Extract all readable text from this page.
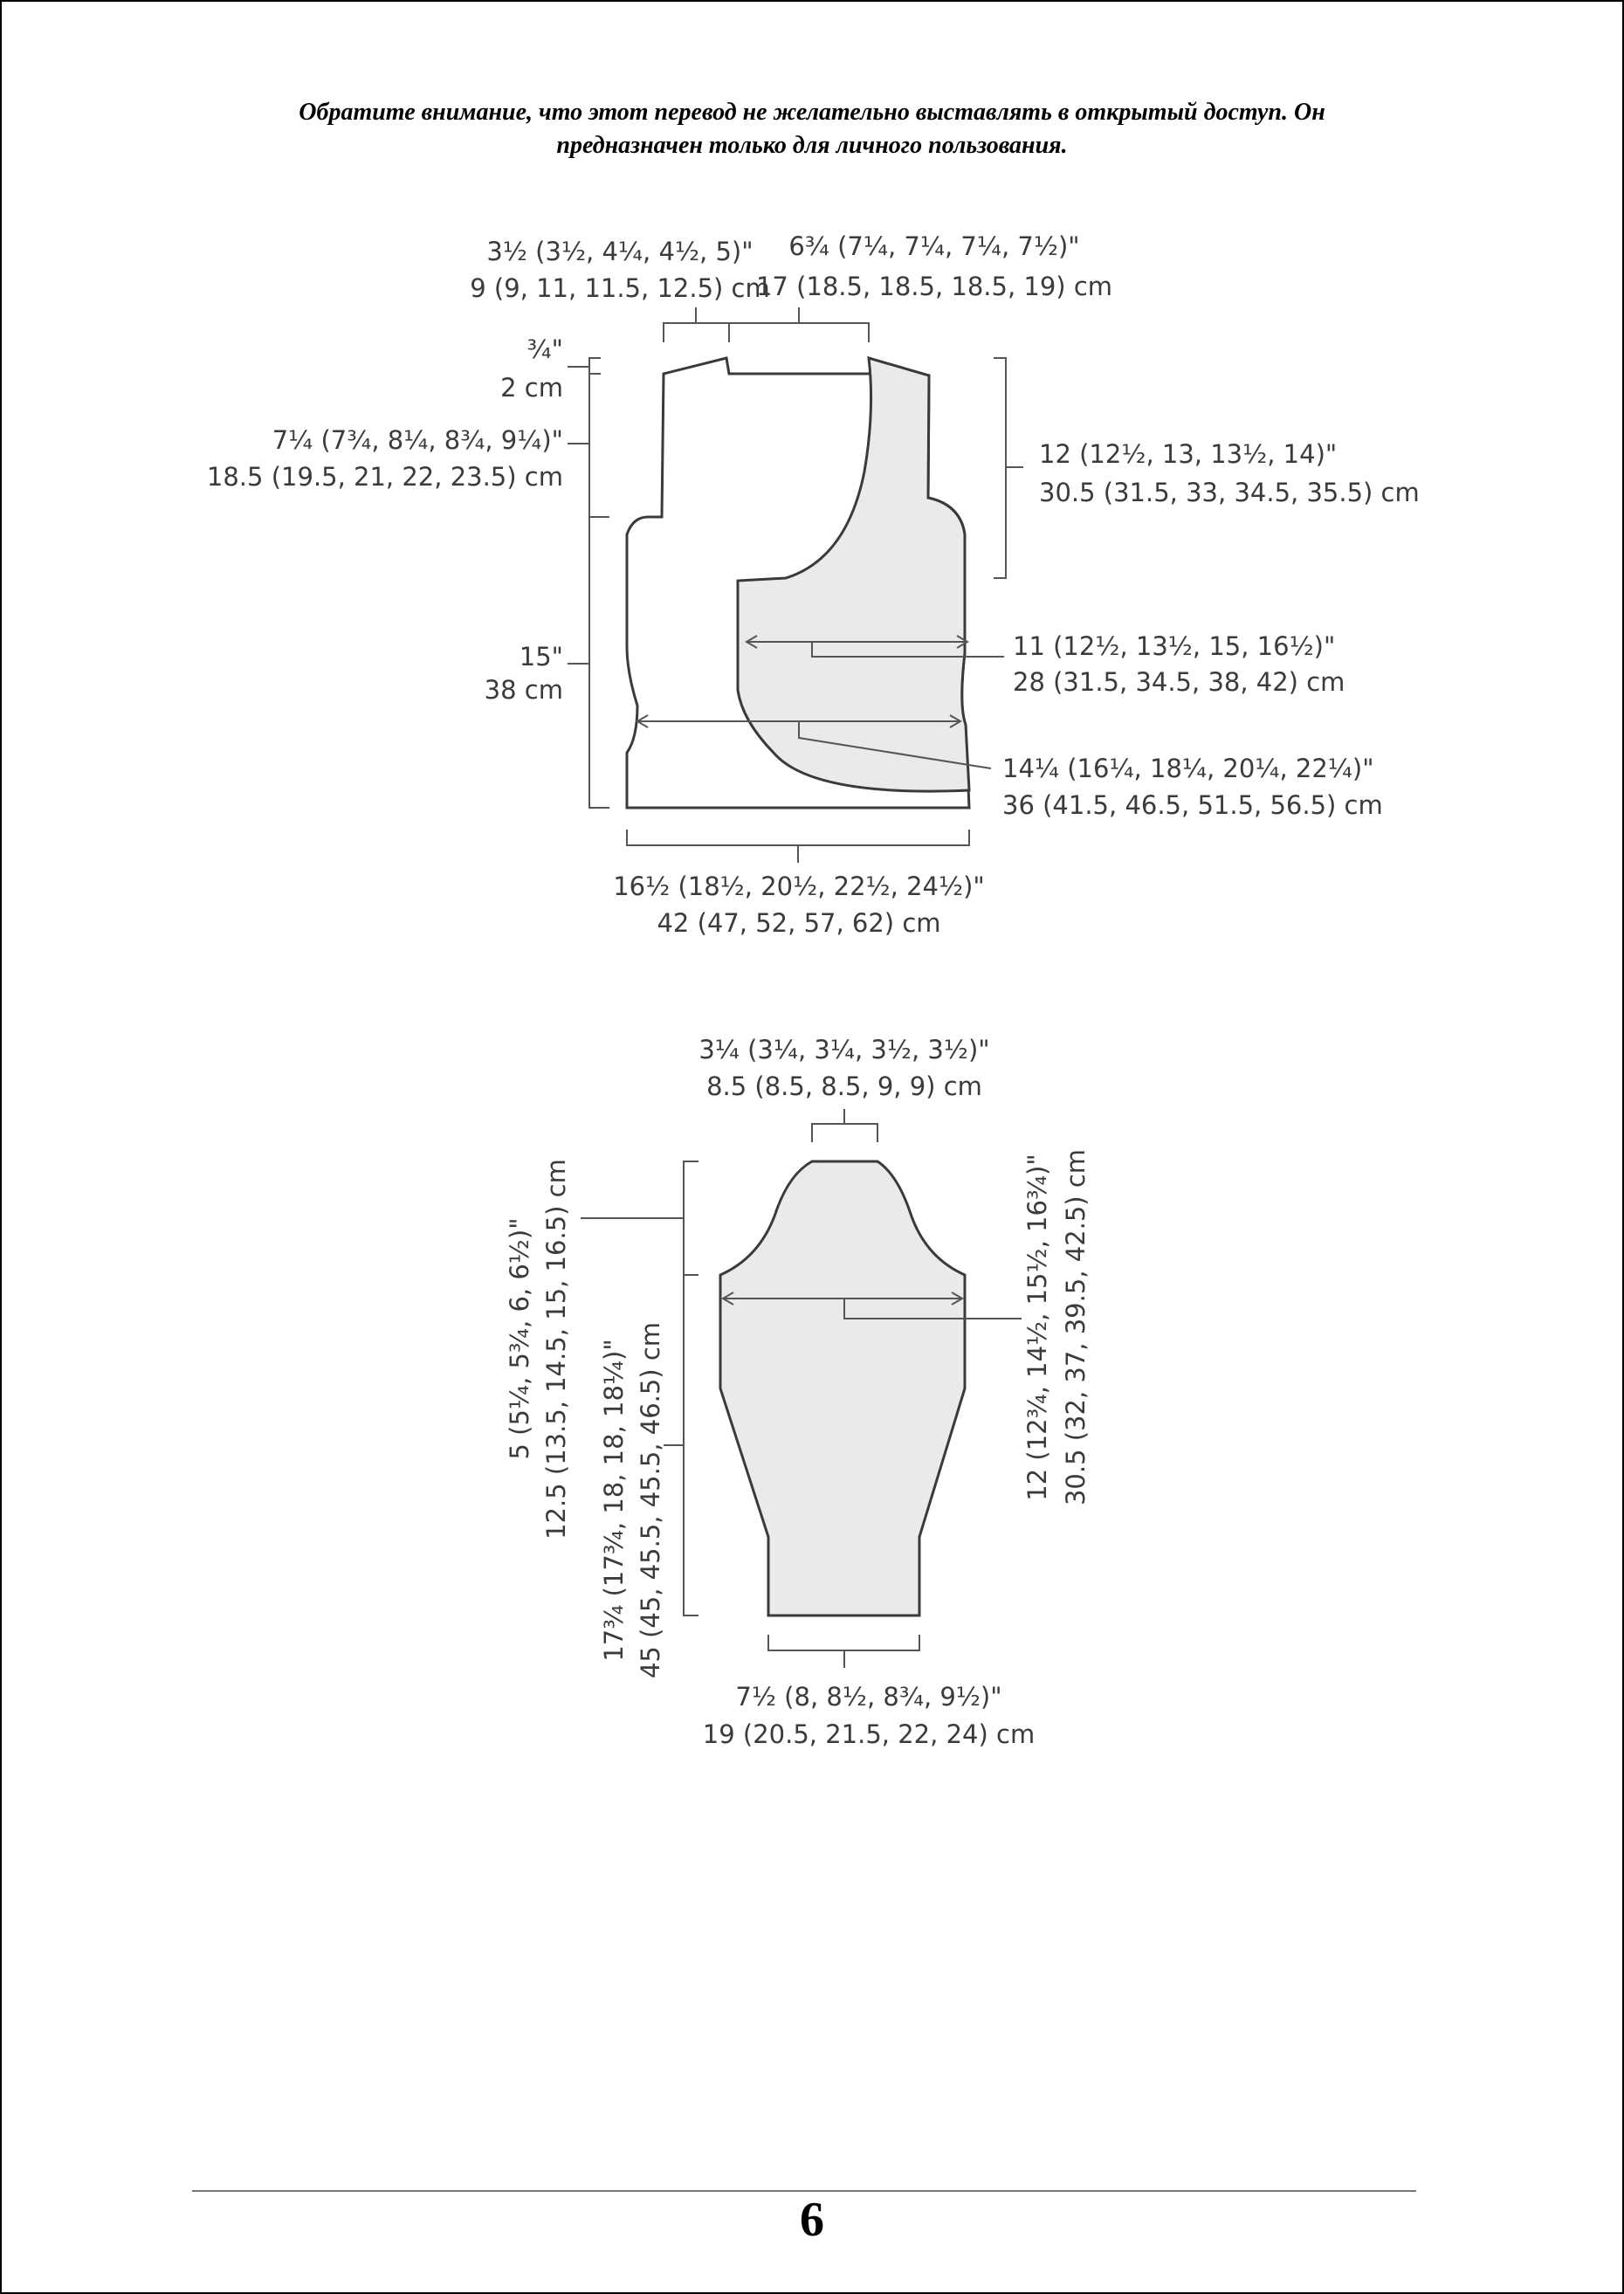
Обратите внимание, что этот перевод не желательно выставлять в открытый доступ. Он
предназначен только для личного пользования.
3½ (3½, 4¼, 4½, 5)"
9 (9, 11, 11.5, 12.5) cm
6¾ (7¼, 7¼, 7¼, 7½)"
17 (18.5, 18.5, 18.5, 19) cm
¾"
2 cm
7¼ (7¾, 8¼, 8¾, 9¼)"
18.5 (19.5, 21, 22, 23.5) cm
15"
38 cm
12 (12½, 13, 13½, 14)"
30.5 (31.5, 33, 34.5, 35.5) cm
11 (12½, 13½, 15, 16½)"
28 (31.5, 34.5, 38, 42) cm
14¼ (16¼, 18¼, 20¼, 22¼)"
36 (41.5, 46.5, 51.5, 56.5) cm
16½ (18½, 20½, 22½, 24½)"
42 (47, 52, 57, 62) cm
3¼ (3¼, 3¼, 3½, 3½)"
8.5 (8.5, 8.5, 9, 9) cm
5 (5¼, 5¾, 6, 6½)" 12.5 (13.5, 14.5, 15, 16.5) cm 17¾ (17¾, 18, 18, 18¼)" 45 (45, 45.5, 45.5, 46.5) cm	12 (12¾, 14½, 15½, 16¾)" 30.5 (32, 37, 39.5, 42.5) cm
7½ (8, 8½, 8¾, 9½)"
19 (20.5, 21.5, 22, 24) cm
6
